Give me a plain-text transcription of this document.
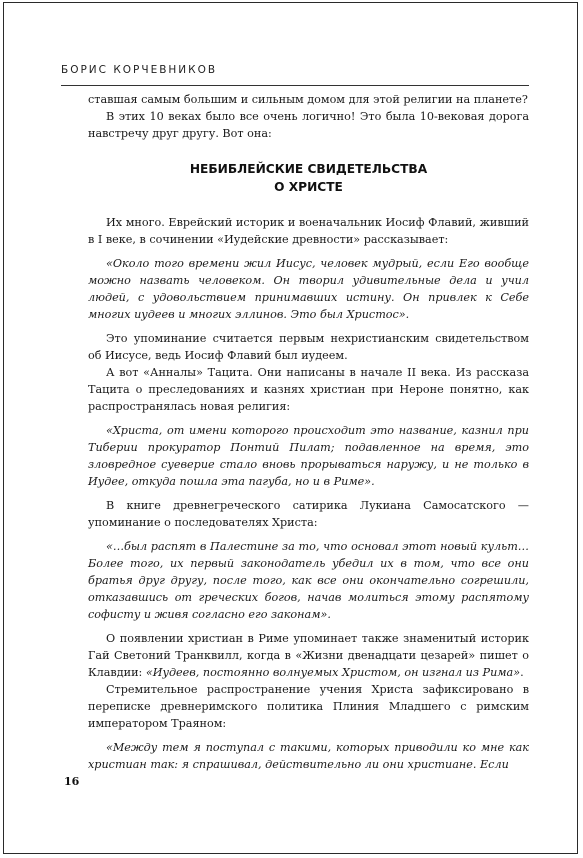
БОРИС КОРЧЕВНИКОВ

ставшая самым большим и сильным домом для этой религии на планете?

В этих 10 веках было все очень логично! Это была 10-вековая дорога навстречу друг другу. Вот она:

НЕБИБЛЕЙСКИЕ СВИДЕТЕЛЬСТВА
О ХРИСТЕ

Их много. Еврейский историк и военачальник Иосиф Флавий, живший в I веке, в сочинении «Иудейские древности» рассказывает:

«Около того времени жил Иисус, человек мудрый, если Его вообще можно назвать человеком. Он творил удивительные дела и учил людей, с удовольствием принимавших истину. Он привлек к Себе многих иудеев и многих эллинов. Это был Христос».

Это упоминание считается первым нехристианским свидетельством об Иисусе, ведь Иосиф Флавий был иудеем.

А вот «Анналы» Тацита. Они написаны в начале II века. Из рассказа Тацита о преследованиях и казнях христиан при Нероне понятно, как распространялась новая религия:

«Христа, от имени которого происходит это название, казнил при Тиберии прокуратор Понтий Пилат; подавленное на время, это зловредное суеверие стало вновь прорываться наружу, и не только в Иудее, откуда пошла эта пагуба, но и в Риме».

В книге древнегреческого сатирика Лукиана Самосатского — упоминание о последователях Христа:

«…был распят в Палестине за то, что основал этот новый культ… Более того, их первый законодатель убедил их в том, что все они братья друг другу, после того, как все они окончательно согрешили, отказавшись от греческих богов, начав молиться этому распятому софисту и живя согласно его законам».

О появлении христиан в Риме упоминает также знаменитый историк Гай Светоний Транквилл, когда в «Жизни двенадцати цезарей» пишет о Клавдии: «Иудеев, постоянно волнуемых Христом, он изгнал из Рима».

Стремительное распространение учения Христа зафиксировано в переписке древнеримского политика Плиния Младшего с римским императором Траяном:

«Между тем я поступал с такими, которых приводили ко мне как христиан так: я спрашивал, действительно ли они христиане. Если

16
